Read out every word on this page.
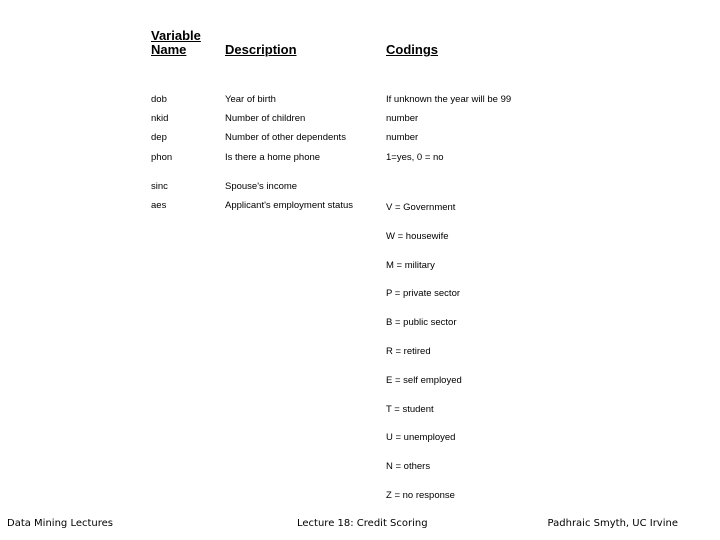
Variable
Name	Description	Codings
dob	Year of birth	If unknown the year will be 99
nkid	Number of children	number
dep	Number of other dependents	number
phon	Is there a home phone	1=yes, 0 = no
sinc	Spouse's income
aes	Applicant's employment status	V = Government
W = housewife
M = military
P = private sector
B = public sector
R = retired
E = self employed
T = student
U = unemployed
N = others
Z = no response
Data Mining Lectures	Lecture 18: Credit Scoring	Padhraic Smyth, UC Irvine
